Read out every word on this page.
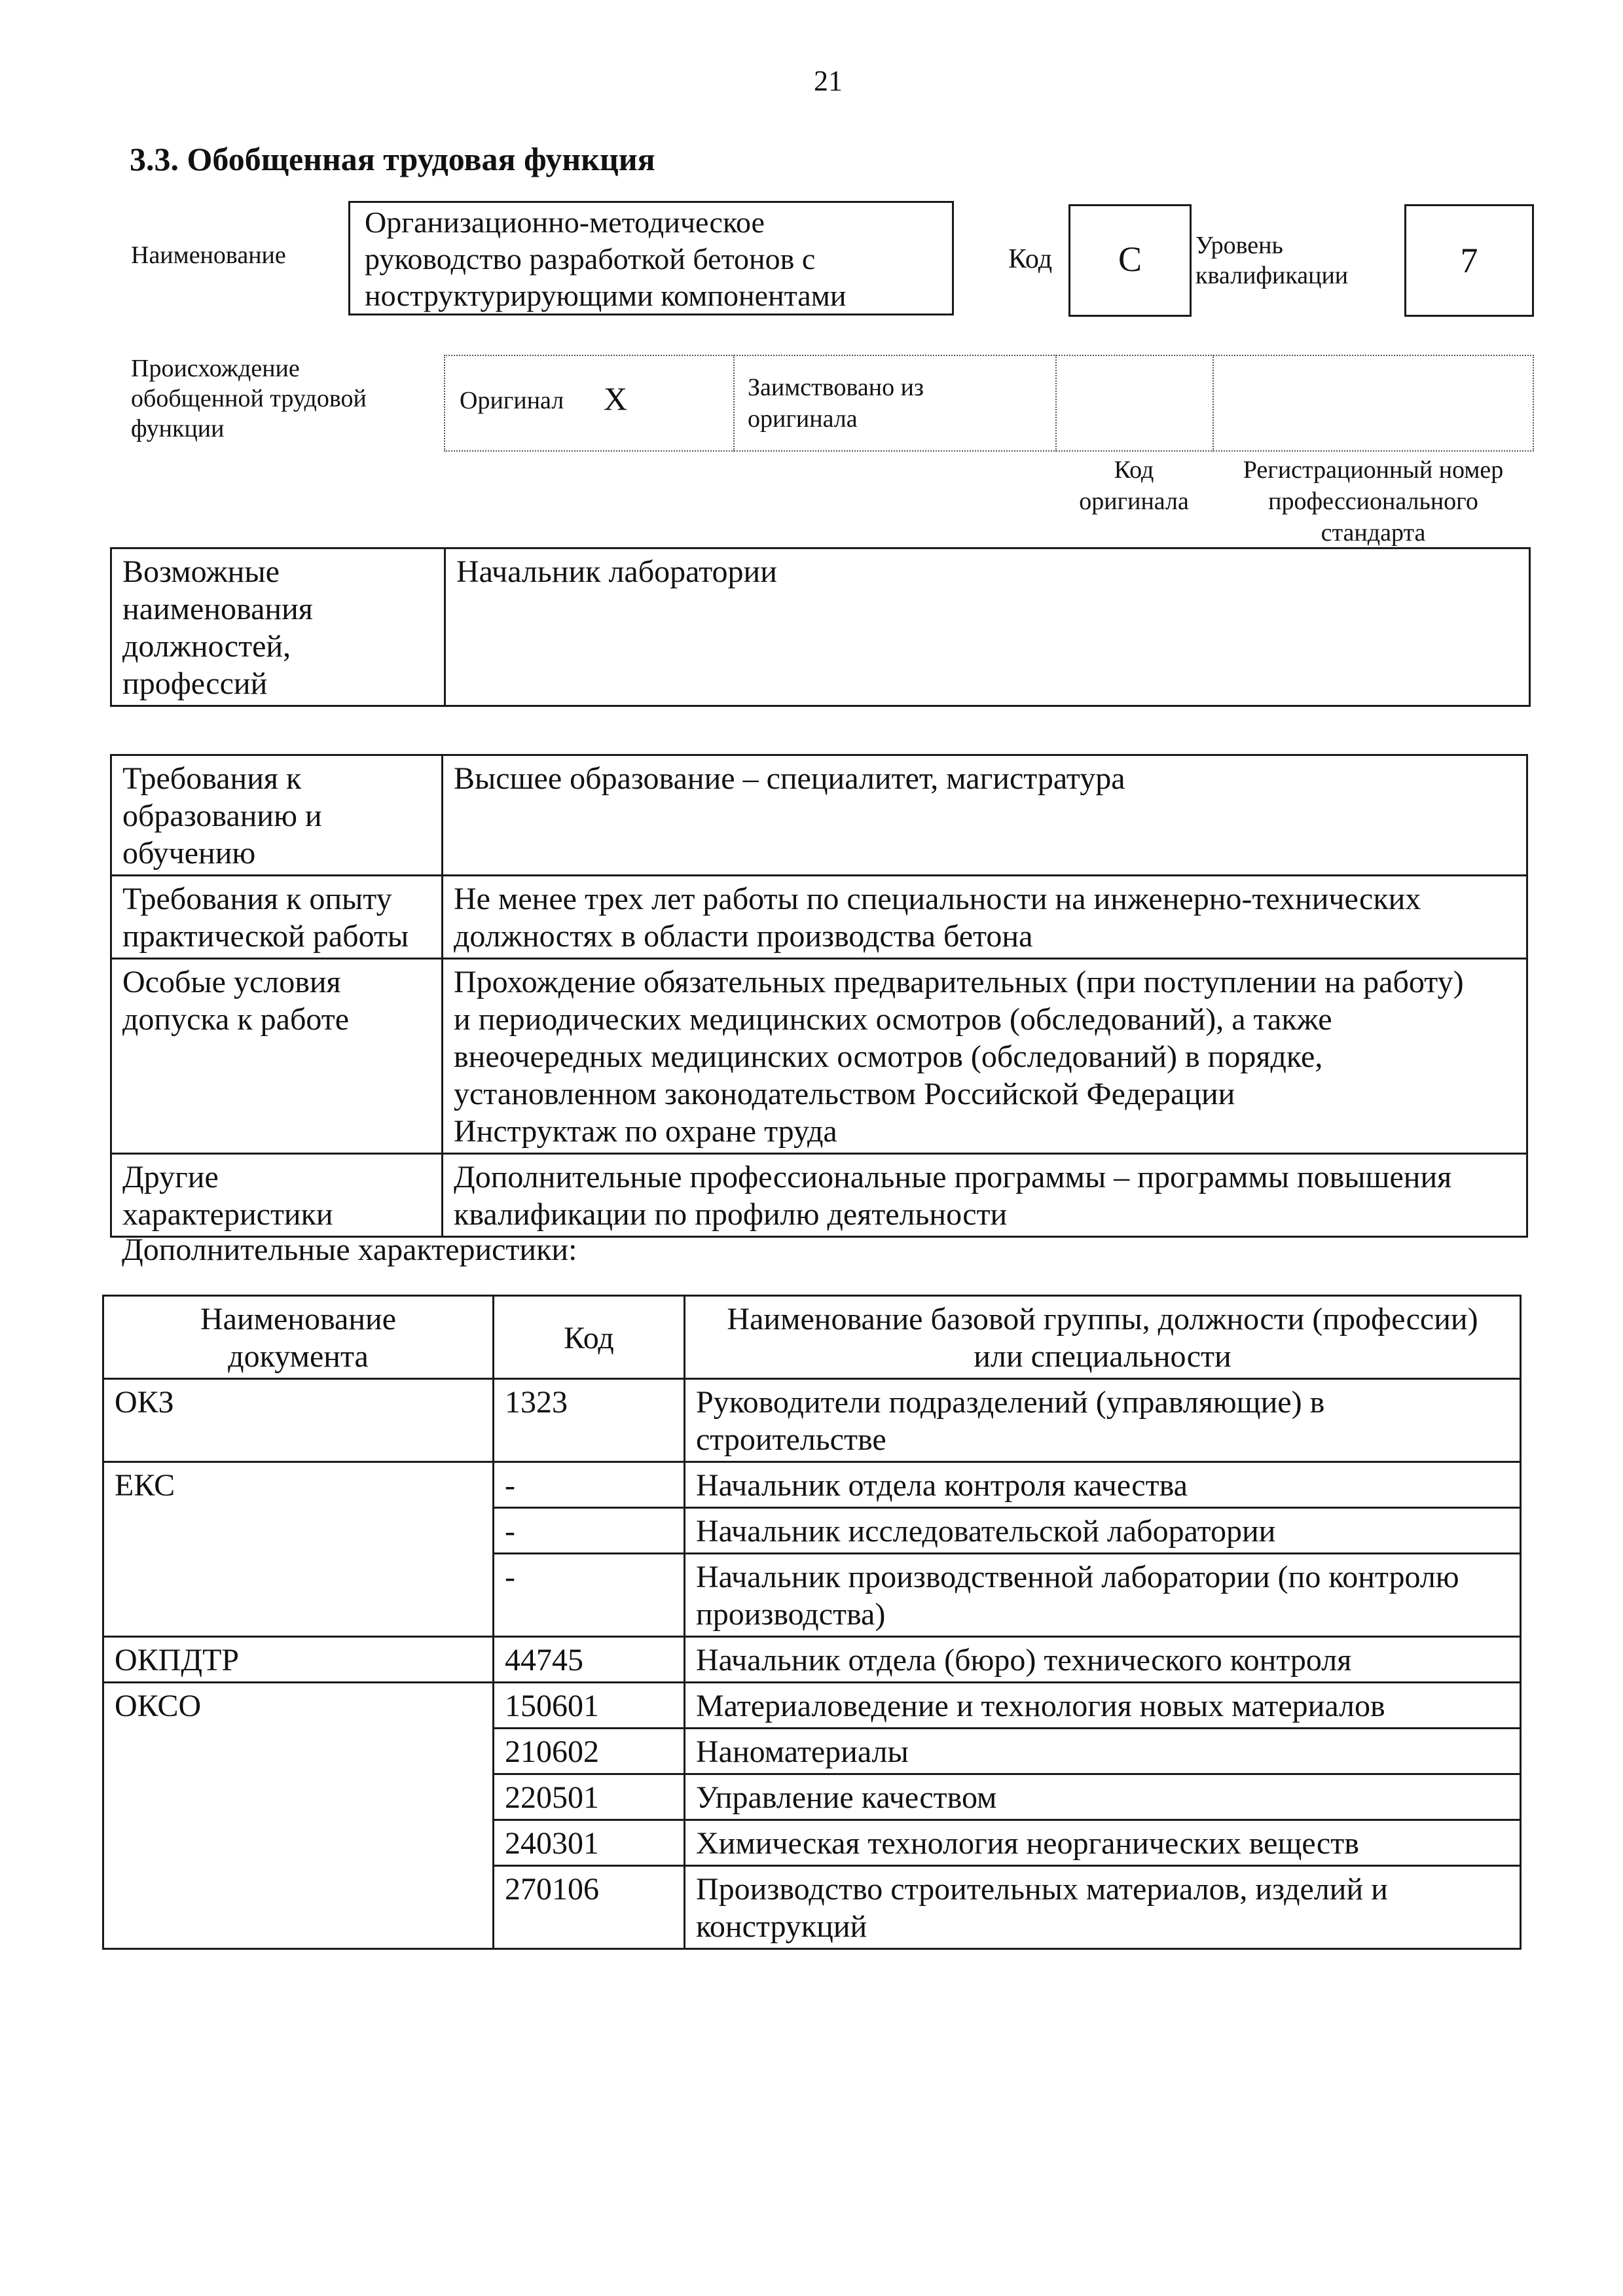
21
3.3. Обобщенная трудовая функция
Наименование
Организационно-методическое
руководство разработкой бетонов с
ноструктурирующими компонентами
Код	C	Уровень
квалификации	7
Происхождение
обобщенной трудовой
функции
Оригинал X	Заимствовано из
оригинала
Код
оригинала
Регистрационный номер
профессионального
стандарта
Возможные
наименования
должностей,
профессий	Начальник лаборатории
Требования к
образованию и
обучению	Высшее образование – специалитет, магистратура
Требования к опыту
практической работы	Не менее трех лет работы по специальности на инженерно-технических
должностях в области производства бетона
Особые условия
допуска к работе	Прохождение обязательных предварительных (при поступлении на работу)
и периодических медицинских осмотров (обследований), а также
внеочередных медицинских осмотров (обследований) в порядке,
установленном законодательством Российской Федерации
Инструктаж по охране труда
Другие
характеристики	Дополнительные профессиональные программы – программы повышения
квалификации по профилю деятельности
Дополнительные характеристики:
Наименование
документа	Код	Наименование базовой группы, должности (профессии)
или специальности
ОКЗ	1323	Руководители подразделений (управляющие) в
строительстве
ЕКС	-	Начальник отдела контроля качества
	-	Начальник исследовательской лаборатории
	-	Начальник производственной лаборатории (по контролю
производства)
ОКПДТР	44745	Начальник отдела (бюро) технического контроля
ОКСО	150601	Материаловедение и технология новых материалов
	210602	Наноматериалы
	220501	Управление качеством
	240301	Химическая технология неорганических веществ
	270106	Производство строительных материалов, изделий и
конструкций
